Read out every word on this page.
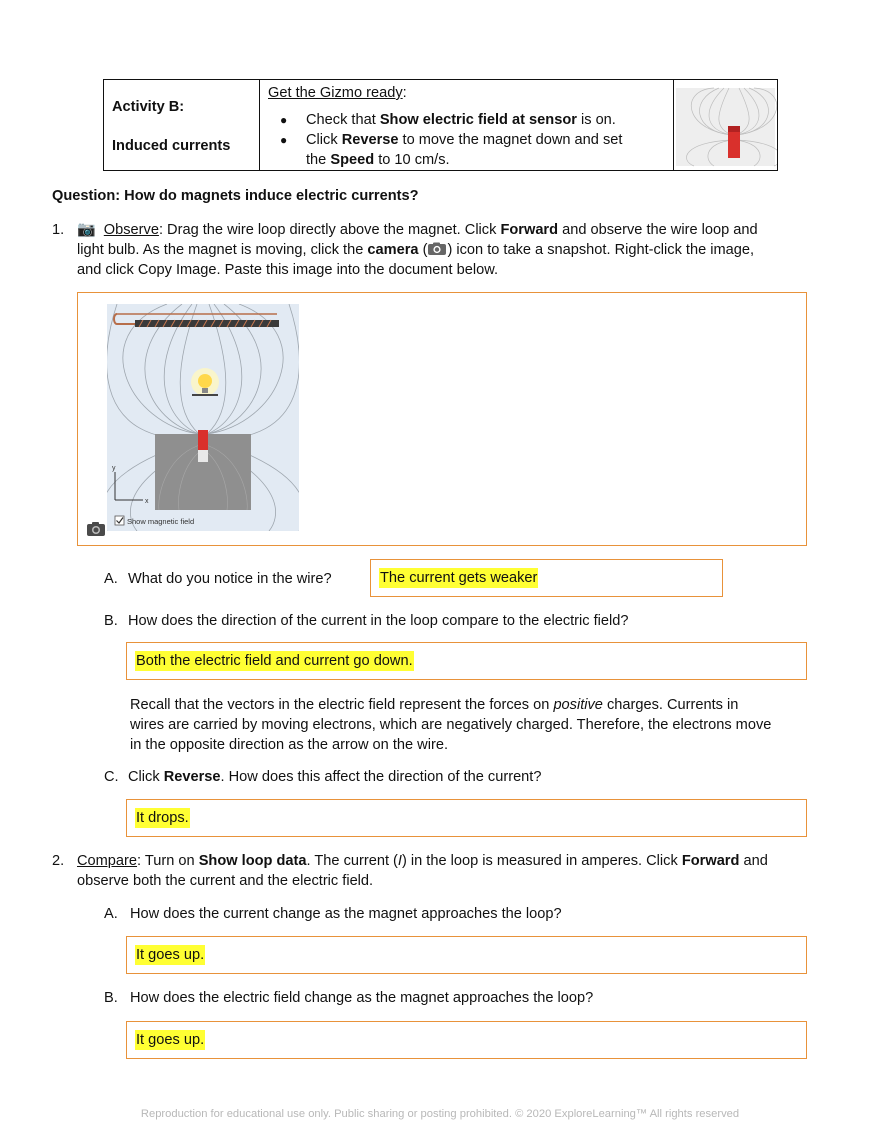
Activity B:
Induced currents
Get the Gizmo ready:
● Check that Show electric field at sensor is on.
● Click Reverse to move the magnet down and set
the Speed to 10 cm/s.
Question: How do magnets induce electric currents?
1. 📷 Observe: Drag the wire loop directly above the magnet. Click Forward and observe the wire loop and
light bulb. As the magnet is moving, click the camera ( ) icon to take a snapshot. Right-click the image,
and click Copy Image. Paste this image into the document below.
y
x
Show magnetic field
A. What do you notice in the wire?	The current gets weaker
B. How does the direction of the current in the loop compare to the electric field?
Both the electric field and current go down.
Recall that the vectors in the electric field represent the forces on positive charges. Currents in
wires are carried by moving electrons, which are negatively charged. Therefore, the electrons move
in the opposite direction as the arrow on the wire.
C. Click Reverse. How does this affect the direction of the current?
It drops.
2. Compare: Turn on Show loop data. The current (I) in the loop is measured in amperes. Click Forward and
observe both the current and the electric field.
A. How does the current change as the magnet approaches the loop?
It goes up.
B. How does the electric field change as the magnet approaches the loop?
It goes up.
Reproduction for educational use only. Public sharing or posting prohibited. © 2020 ExploreLearning™ All rights reserved
